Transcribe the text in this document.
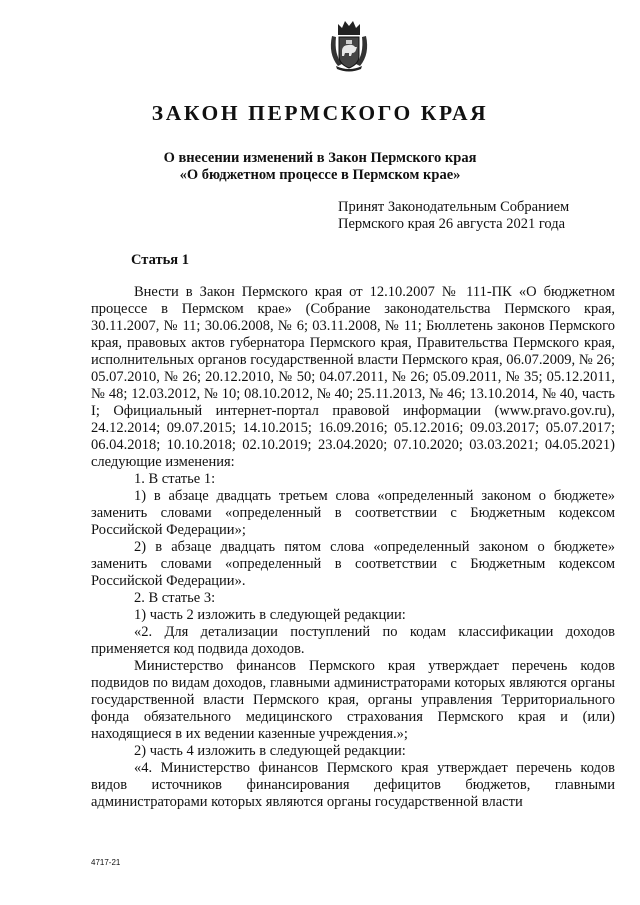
ЗАКОН ПЕРМСКОГО КРАЯ
О внесении изменений в Закон Пермского края
«О бюджетном процессе в Пермском крае»
Принят Законодательным Собранием
Пермского края 26 августа 2021 года
Статья 1

Внести в Закон Пермского края от 12.10.2007 № 111-ПК «О бюджетном процессе в Пермском крае» (Собрание законодательства Пермского края, 30.11.2007, № 11; 30.06.2008, № 6; 03.11.2008, № 11; Бюллетень законов Пермского края, правовых актов губернатора Пермского края, Правительства Пермского края, исполнительных органов государственной власти Пермского края, 06.07.2009, № 26; 05.07.2010, № 26; 20.12.2010, № 50; 04.07.2011, № 26; 05.09.2011, № 35; 05.12.2011, № 48; 12.03.2012, № 10; 08.10.2012, № 40; 25.11.2013, № 46; 13.10.2014, № 40, часть I; Официальный интернет-портал правовой информации (www.pravo.gov.ru), 24.12.2014; 09.07.2015; 14.10.2015; 16.09.2016; 05.12.2016; 09.03.2017; 05.07.2017; 06.04.2018; 10.10.2018; 02.10.2019; 23.04.2020; 07.10.2020; 03.03.2021; 04.05.2021) следующие изменения:

1. В статье 1:

1) в абзаце двадцать третьем слова «определенный законом о бюджете» заменить словами «определенный в соответствии с Бюджетным кодексом Российской Федерации»;

2) в абзаце двадцать пятом слова «определенный законом о бюджете» заменить словами «определенный в соответствии с Бюджетным кодексом Российской Федерации».

2. В статье 3:

1) часть 2 изложить в следующей редакции:

«2. Для детализации поступлений по кодам классификации доходов применяется код подвида доходов.

Министерство финансов Пермского края утверждает перечень кодов подвидов по видам доходов, главными администраторами которых являются органы государственной власти Пермского края, органы управления Территориального фонда обязательного медицинского страхования Пермского края и (или) находящиеся в их ведении казенные учреждения.»;

2) часть 4 изложить в следующей редакции:

«4. Министерство финансов Пермского края утверждает перечень кодов видов источников финансирования дефицитов бюджетов, главными администраторами которых являются органы государственной власти

4717-21
